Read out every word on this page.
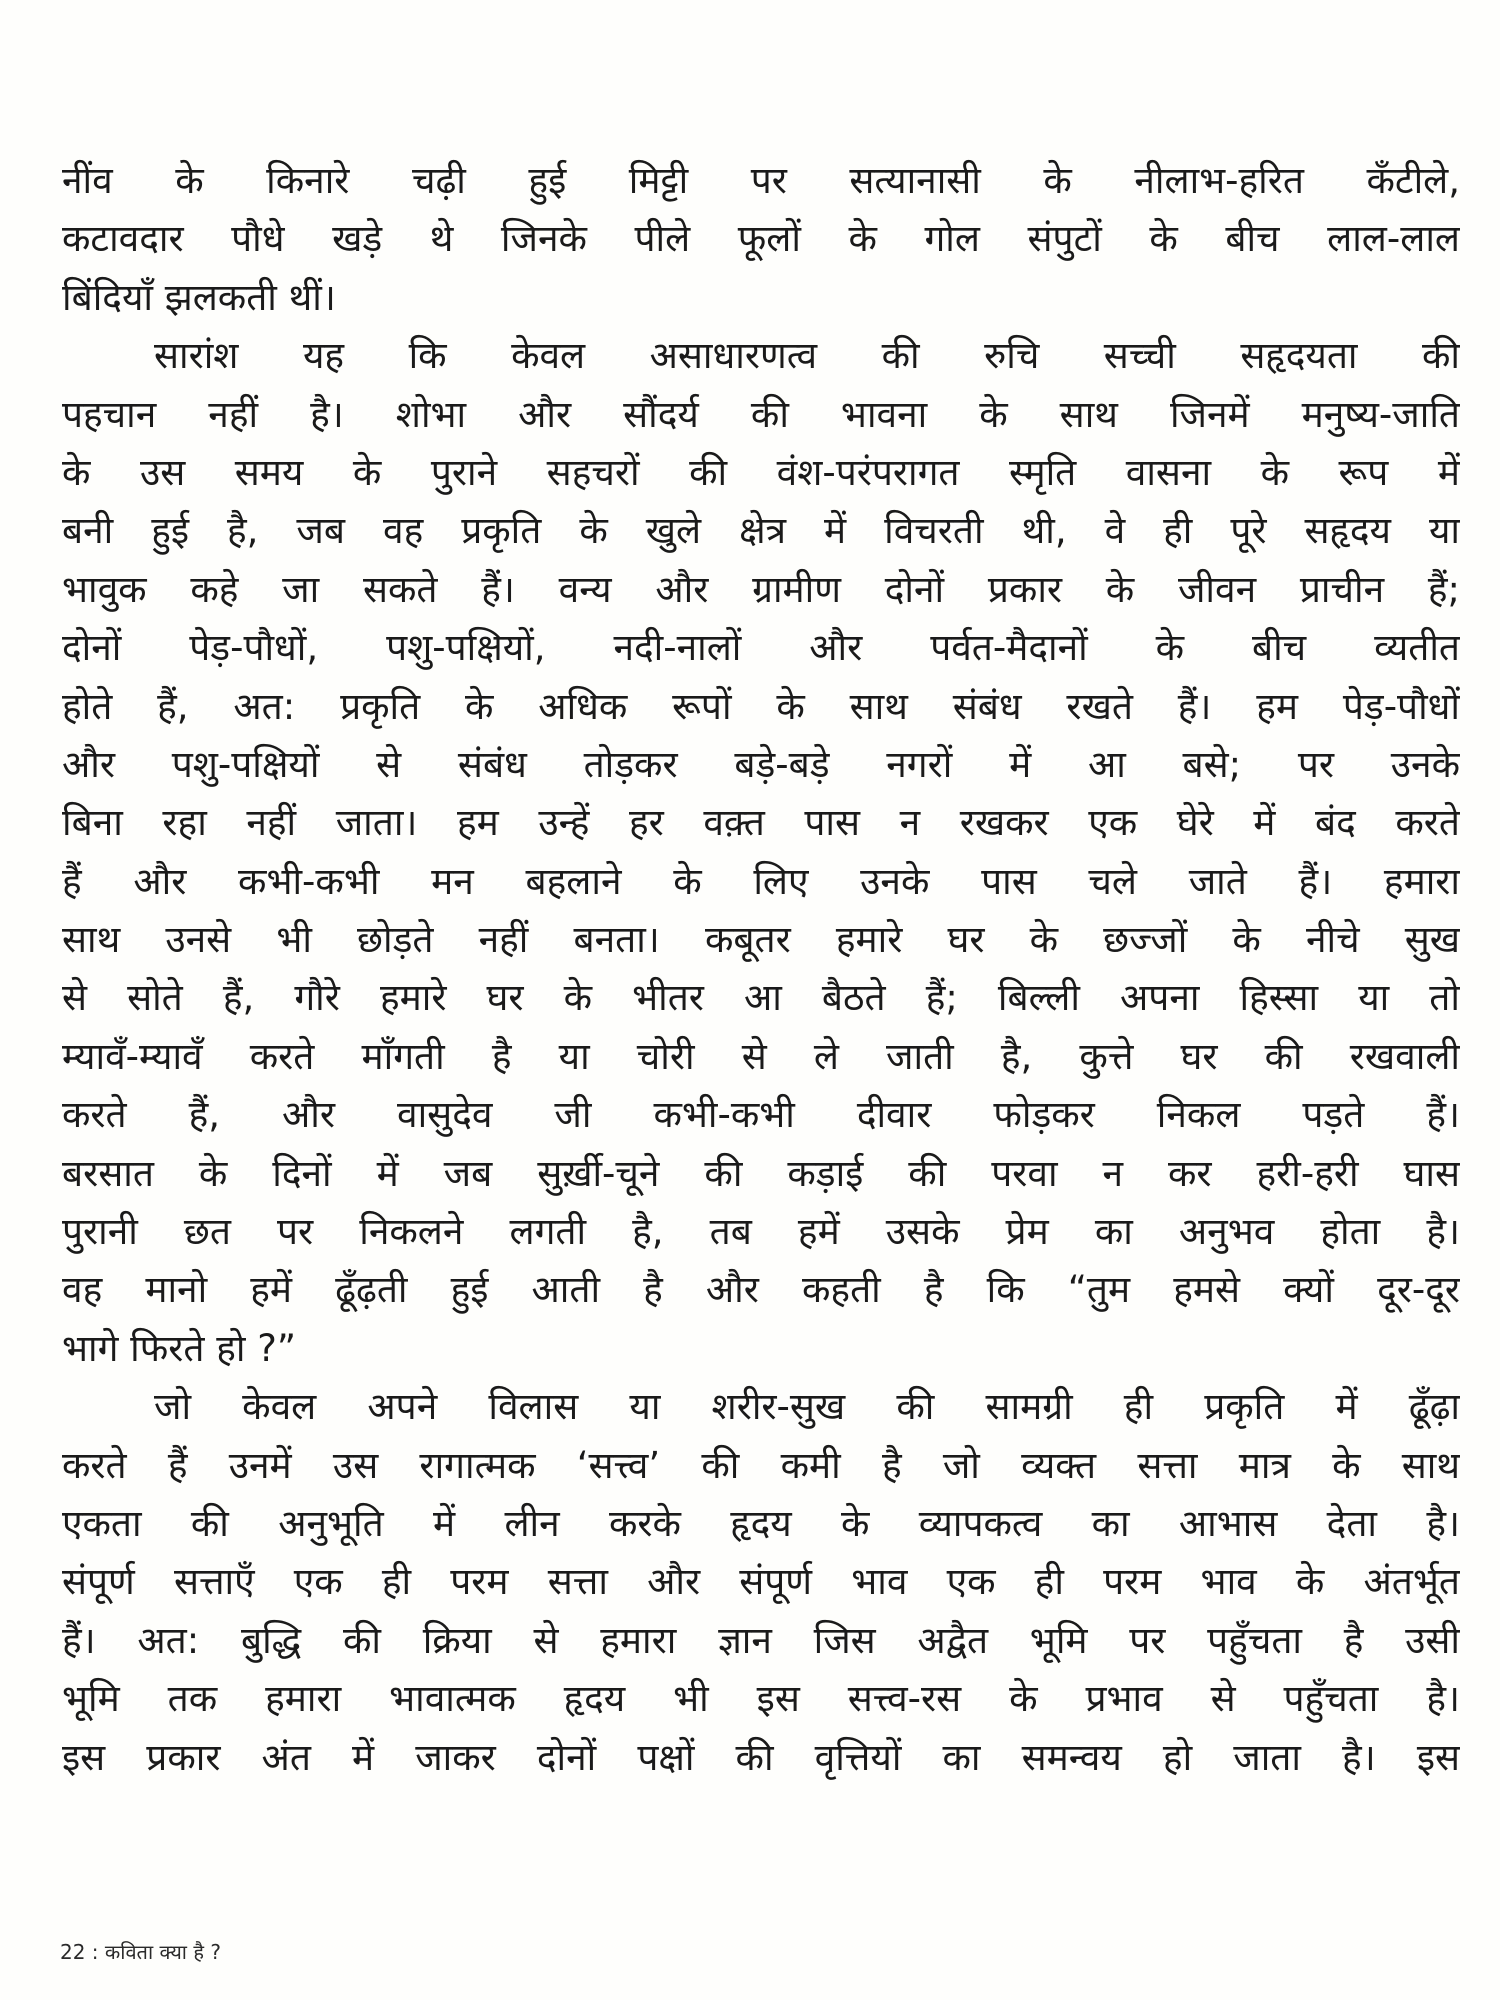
नींव के किनारे चढ़ी हुई मिट्टी पर सत्यानासी के नीलाभ-हरित कँटीले,
कटावदार पौधे खड़े थे जिनके पीले फूलों के गोल संपुटों के बीच लाल-लाल
बिंदियाँ झलकती थीं।
सारांश यह कि केवल असाधारणत्व की रुचि सच्ची सहृदयता की
पहचान नहीं है। शोभा और सौंदर्य की भावना के साथ जिनमें मनुष्य-जाति
के उस समय के पुराने सहचरों की वंश-परंपरागत स्मृति वासना के रूप में
बनी हुई है, जब वह प्रकृति के खुले क्षेत्र में विचरती थी, वे ही पूरे सहृदय या
भावुक कहे जा सकते हैं। वन्य और ग्रामीण दोनों प्रकार के जीवन प्राचीन हैं;
दोनों पेड़-पौधों, पशु-पक्षियों, नदी-नालों और पर्वत-मैदानों के बीच व्यतीत
होते हैं, अत: प्रकृति के अधिक रूपों के साथ संबंध रखते हैं। हम पेड़-पौधों
और पशु-पक्षियों से संबंध तोड़कर बड़े-बड़े नगरों में आ बसे; पर उनके
बिना रहा नहीं जाता। हम उन्हें हर वक़्त पास न रखकर एक घेरे में बंद करते
हैं और कभी-कभी मन बहलाने के लिए उनके पास चले जाते हैं। हमारा
साथ उनसे भी छोड़ते नहीं बनता। कबूतर हमारे घर के छज्जों के नीचे सुख
से सोते हैं, गौरे हमारे घर के भीतर आ बैठते हैं; बिल्ली अपना हिस्सा या तो
म्यावँ-म्यावँ करते माँगती है या चोरी से ले जाती है, कुत्ते घर की रखवाली
करते हैं, और वासुदेव जी कभी-कभी दीवार फोड़कर निकल पड़ते हैं।
बरसात के दिनों में जब सुर्ख़ी-चूने की कड़ाई की परवा न कर हरी-हरी घास
पुरानी छत पर निकलने लगती है, तब हमें उसके प्रेम का अनुभव होता है।
वह मानो हमें ढूँढ़ती हुई आती है और कहती है कि “तुम हमसे क्यों दूर-दूर
भागे फिरते हो ?”
जो केवल अपने विलास या शरीर-सुख की सामग्री ही प्रकृति में ढूँढ़ा
करते हैं उनमें उस रागात्मक ‘सत्त्व’ की कमी है जो व्यक्त सत्ता मात्र के साथ
एकता की अनुभूति में लीन करके हृदय के व्यापकत्व का आभास देता है।
संपूर्ण सत्ताएँ एक ही परम सत्ता और संपूर्ण भाव एक ही परम भाव के अंतर्भूत
हैं। अत: बुद्धि की क्रिया से हमारा ज्ञान जिस अद्वैत भूमि पर पहुँचता है उसी
भूमि तक हमारा भावात्मक हृदय भी इस सत्त्व-रस के प्रभाव से पहुँचता है।
इस प्रकार अंत में जाकर दोनों पक्षों की वृत्तियों का समन्वय हो जाता है। इस
22 : कविता क्या है ?
